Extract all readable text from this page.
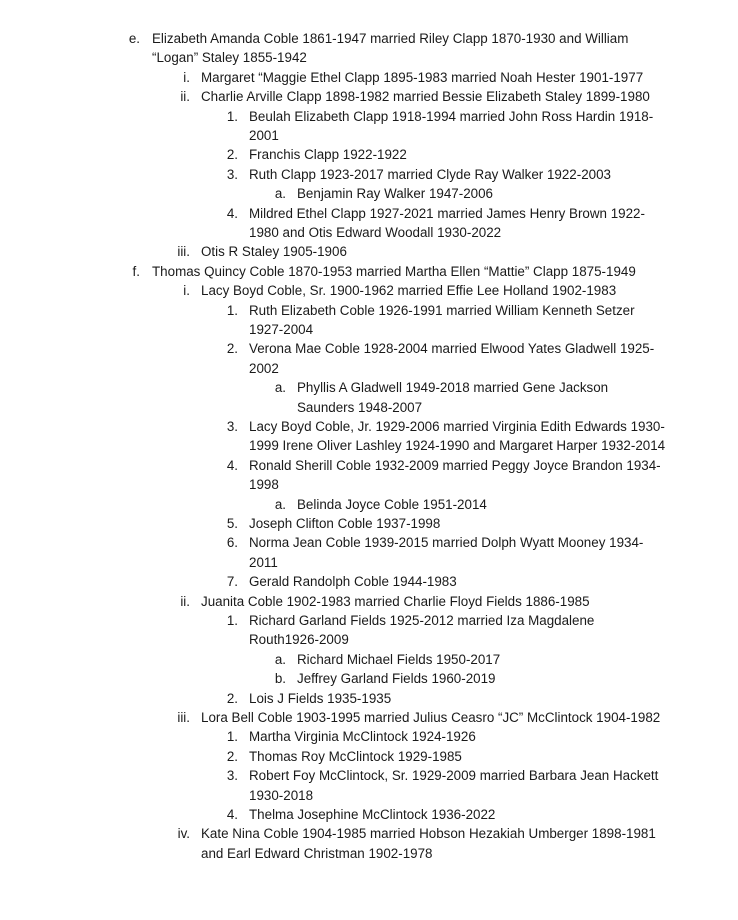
e. Elizabeth Amanda Coble 1861-1947 married Riley Clapp 1870-1930 and William
“Logan” Staley 1855-1942
i. Margaret “Maggie Ethel Clapp 1895-1983 married Noah Hester 1901-1977
ii. Charlie Arville Clapp 1898-1982 married Bessie Elizabeth Staley 1899-1980
1. Beulah Elizabeth Clapp 1918-1994 married John Ross Hardin 1918-
2001
2. Franchis Clapp 1922-1922
3. Ruth Clapp 1923-2017 married Clyde Ray Walker 1922-2003
a. Benjamin Ray Walker 1947-2006
4. Mildred Ethel Clapp 1927-2021 married James Henry Brown 1922-
1980 and Otis Edward Woodall 1930-2022
iii. Otis R Staley 1905-1906
f. Thomas Quincy Coble 1870-1953 married Martha Ellen “Mattie” Clapp 1875-1949
i. Lacy Boyd Coble, Sr. 1900-1962 married Effie Lee Holland 1902-1983
1. Ruth Elizabeth Coble 1926-1991 married William Kenneth Setzer
1927-2004
2. Verona Mae Coble 1928-2004 married Elwood Yates Gladwell 1925-
2002
a. Phyllis A Gladwell 1949-2018 married Gene Jackson
Saunders 1948-2007
3. Lacy Boyd Coble, Jr. 1929-2006 married Virginia Edith Edwards 1930-
1999 Irene Oliver Lashley 1924-1990 and Margaret Harper 1932-2014
4. Ronald Sherill Coble 1932-2009 married Peggy Joyce Brandon 1934-
1998
a. Belinda Joyce Coble 1951-2014
5. Joseph Clifton Coble 1937-1998
6. Norma Jean Coble 1939-2015 married Dolph Wyatt Mooney 1934-
2011
7. Gerald Randolph Coble 1944-1983
ii. Juanita Coble 1902-1983 married Charlie Floyd Fields 1886-1985
1. Richard Garland Fields 1925-2012 married Iza Magdalene
Routh1926-2009
a. Richard Michael Fields 1950-2017
b. Jeffrey Garland Fields 1960-2019
2. Lois J Fields 1935-1935
iii. Lora Bell Coble 1903-1995 married Julius Ceasro “JC” McClintock 1904-1982
1. Martha Virginia McClintock 1924-1926
2. Thomas Roy McClintock 1929-1985
3. Robert Foy McClintock, Sr. 1929-2009 married Barbara Jean Hackett
1930-2018
4. Thelma Josephine McClintock 1936-2022
iv. Kate Nina Coble 1904-1985 married Hobson Hezakiah Umberger 1898-1981
and Earl Edward Christman 1902-1978
